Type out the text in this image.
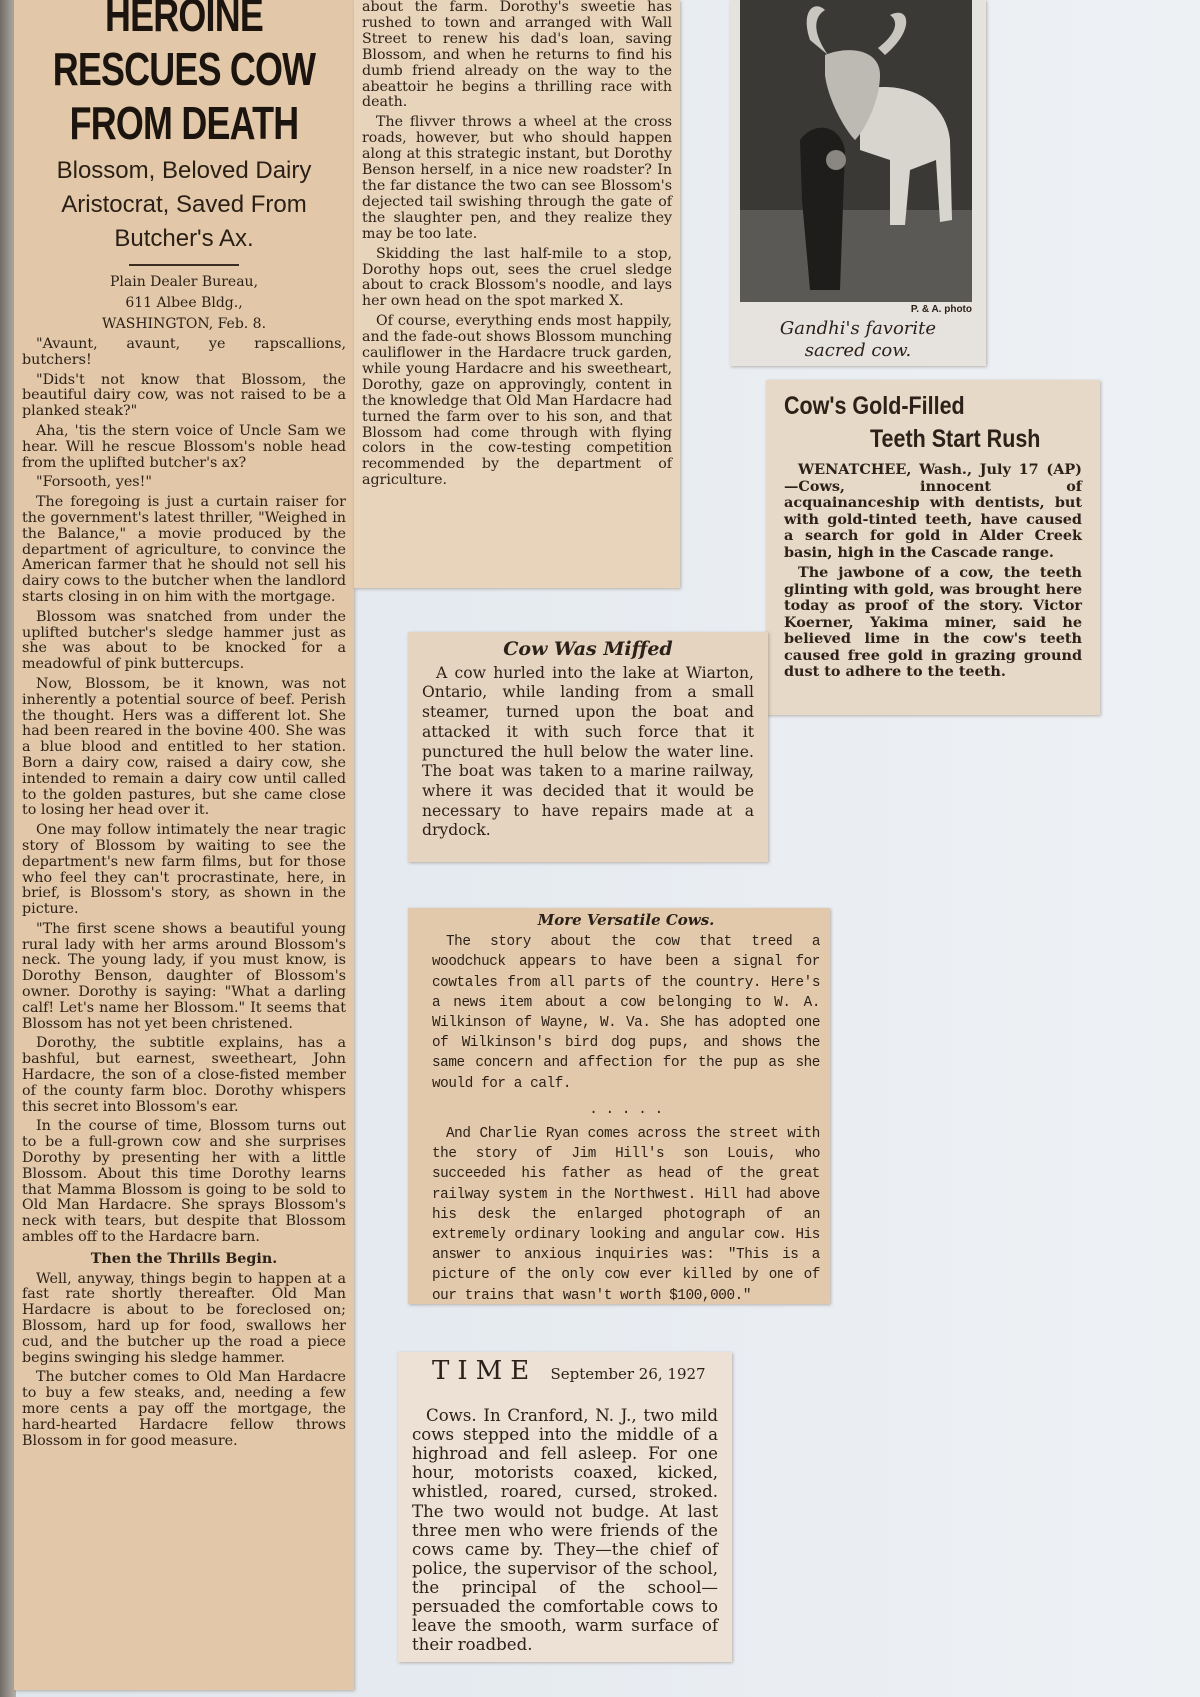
HEROINE RESCUES COW FROM DEATH
Blossom, Beloved Dairy Aristocrat, Saved From Butcher's Ax.
Plain Dealer Bureau,
611 Albee Bldg.,
WASHINGTON, Feb. 8.

"Avaunt, avaunt, ye rapscallions, butchers!

"Dids't not know that Blossom, the beautiful dairy cow, was not raised to be a planked steak?"

Aha, 'tis the stern voice of Uncle Sam we hear. Will he rescue Blossom's noble head from the uplifted butcher's ax?

"Forsooth, yes!"

The foregoing is just a curtain raiser for the government's latest thriller, "Weighed in the Balance," a movie produced by the department of agriculture, to convince the American farmer that he should not sell his dairy cows to the butcher when the landlord starts closing in on him with the mortgage.

Blossom was snatched from under the uplifted butcher's sledge hammer just as she was about to be knocked for a meadowful of pink buttercups.

Now, Blossom, be it known, was not inherently a potential source of beef. Perish the thought. Hers was a different lot. She had been reared in the bovine 400. She was a blue blood and entitled to her station. Born a dairy cow, raised a dairy cow, she intended to remain a dairy cow until called to the golden pastures, but she came close to losing her head over it.

One may follow intimately the near tragic story of Blossom by waiting to see the department's new farm films, but for those who feel they can't procrastinate, here, in brief, is Blossom's story, as shown in the picture.

"The first scene shows a beautiful young rural lady with her arms around Blossom's neck. The young lady, if you must know, is Dorothy Benson, daughter of Blossom's owner. Dorothy is saying: "What a darling calf! Let's name her Blossom." It seems that Blossom has not yet been christened.

Dorothy, the subtitle explains, has a bashful, but earnest, sweetheart, John Hardacre, the son of a close-fisted member of the county farm bloc. Dorothy whispers this secret into Blossom's ear.

In the course of time, Blossom turns out to be a full-grown cow and she surprises Dorothy by presenting her with a little Blossom. About this time Dorothy learns that Mamma Blossom is going to be sold to Old Man Hardacre. She sprays Blossom's neck with tears, but despite that Blossom ambles off to the Hardacre barn.

Then the Thrills Begin.

Well, anyway, things begin to happen at a fast rate shortly thereafter. Old Man Hardacre is about to be foreclosed on; Blossom, hard up for food, swallows her cud, and the butcher up the road a piece begins swinging his sledge hammer.

The butcher comes to Old Man Hardacre to buy a few steaks, and, needing a few more cents a pay off the mortgage, the hard-hearted Hardacre fellow throws Blossom in for good measure.

about the farm. Dorothy's sweetie has rushed to town and arranged with Wall Street to renew his dad's loan, saving Blossom, and when he returns to find his dumb friend already on the way to the abeattoir he begins a thrilling race with death.

The flivver throws a wheel at the cross roads, however, but who should happen along at this strategic instant, but Dorothy Benson herself, in a nice new roadster? In the far distance the two can see Blossom's dejected tail swishing through the gate of the slaughter pen, and they realize they may be too late.

Skidding the last half-mile to a stop, Dorothy hops out, sees the cruel sledge about to crack Blossom's noodle, and lays her own head on the spot marked X.

Of course, everything ends most happily, and the fade-out shows Blossom munching cauliflower in the Hardacre truck garden, while young Hardacre and his sweetheart, Dorothy, gaze on approvingly, content in the knowledge that Old Man Hardacre had turned the farm over to his son, and that Blossom had come through with flying colors in the cow-testing competition recommended by the department of agriculture.

P. & A. photo
Gandhi's favorite
sacred cow.
Cow's Gold-Filled
Teeth Start Rush

WENATCHEE, Wash., July 17 (AP)—Cows, innocent of acquainanceship with dentists, but with gold-tinted teeth, have caused a search for gold in Alder Creek basin, high in the Cascade range.

The jawbone of a cow, the teeth glinting with gold, was brought here today as proof of the story. Victor Koerner, Yakima miner, said he believed lime in the cow's teeth caused free gold in grazing ground dust to adhere to the teeth.

Cow Was Miffed

A cow hurled into the lake at Wiarton, Ontario, while landing from a small steamer, turned upon the boat and attacked it with such force that it punctured the hull below the water line. The boat was taken to a marine railway, where it was decided that it would be necessary to have repairs made at a drydock.

More Versatile Cows.

The story about the cow that treed a woodchuck appears to have been a signal for cowtales from all parts of the country. Here's a news item about a cow belonging to W. A. Wilkinson of Wayne, W. Va. She has adopted one of Wilkinson's bird dog pups, and shows the same concern and affection for the pup as she would for a calf.

. . . . .

And Charlie Ryan comes across the street with the story of Jim Hill's son Louis, who succeeded his father as head of the great railway system in the Northwest. Hill had above his desk the enlarged photograph of an extremely ordinary looking and angular cow. His answer to anxious inquiries was: "This is a picture of the only cow ever killed by one of our trains that wasn't worth $100,000."

TIME September 26, 1927

Cows. In Cranford, N. J., two mild cows stepped into the middle of a highroad and fell asleep. For one hour, motorists coaxed, kicked, whistled, roared, cursed, stroked. The two would not budge. At last three men who were friends of the cows came by. They—the chief of police, the supervisor of the school, the principal of the school—persuaded the comfortable cows to leave the smooth, warm surface of their roadbed.
